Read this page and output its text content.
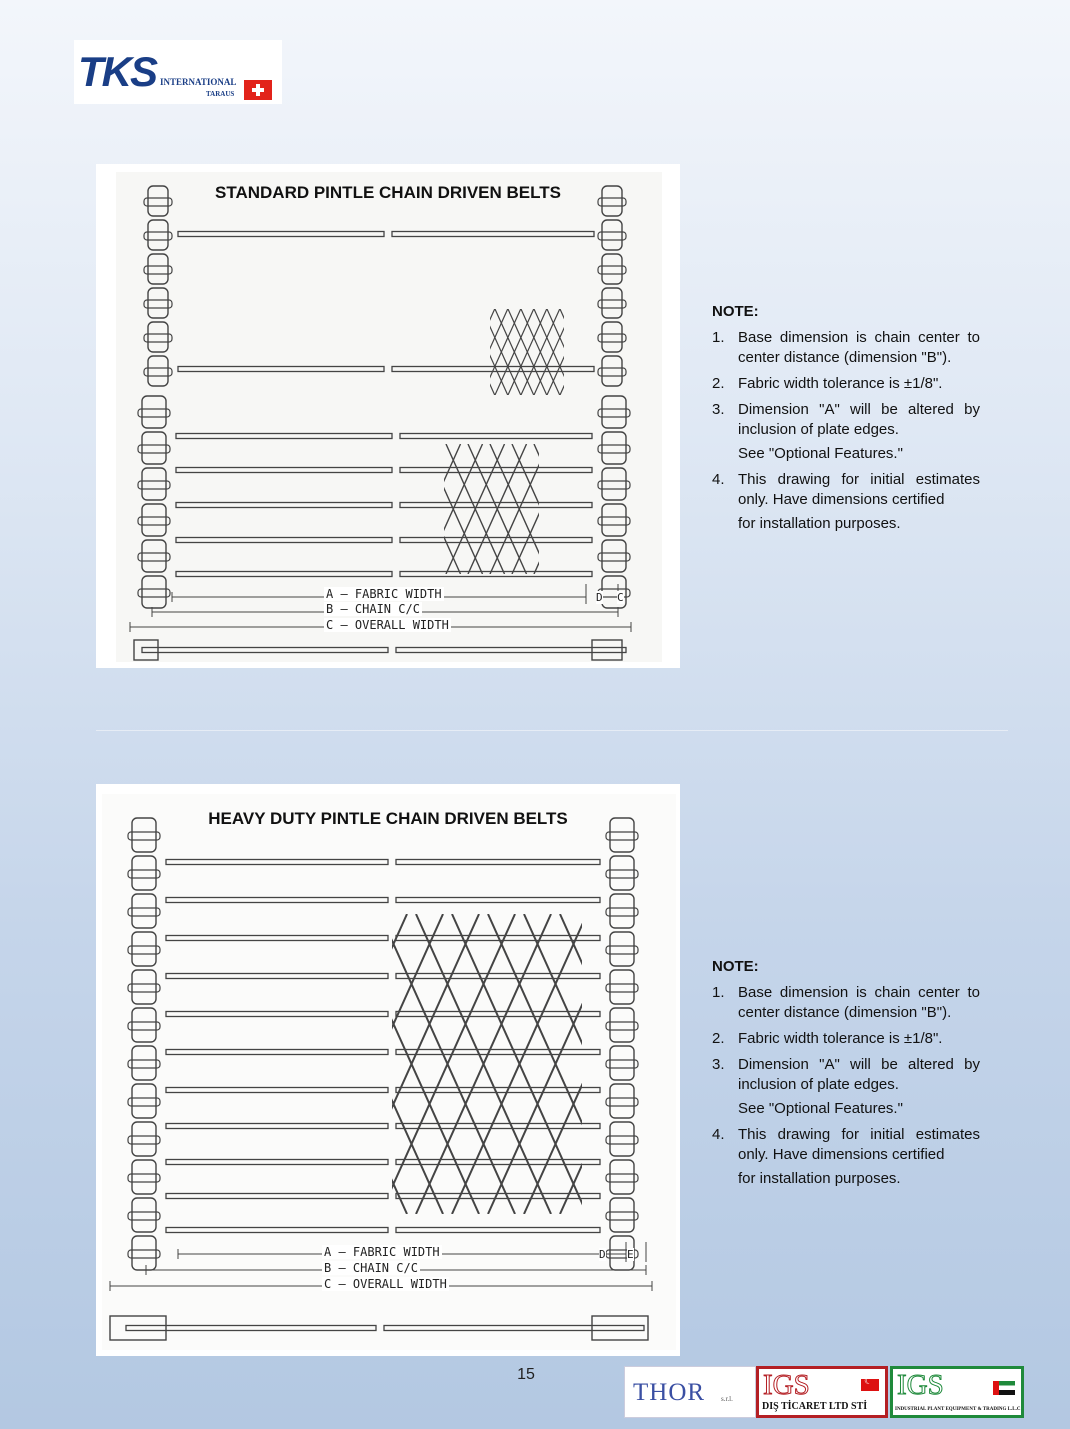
TKS INTERNATIONAL
TARAUS
STANDARD PINTLE CHAIN DRIVEN BELTS
A — FABRIC WIDTH
B — CHAIN C/C
C — OVERALL WIDTH
D C
HEAVY DUTY PINTLE CHAIN DRIVEN BELTS
A — FABRIC WIDTH
B — CHAIN C/C
C — OVERALL WIDTH
D E
NOTE:
1. Base dimension is chain center to center distance (dimension "B").
2. Fabric width tolerance is ±1/8".
3. Dimension "A" will be altered by inclusion of plate edges.
See "Optional Features."
4. This drawing for initial estimates only. Have dimensions certified
for installation purposes.
NOTE:
1. Base dimension is chain center to center distance (dimension "B").
2. Fabric width tolerance is ±1/8".
3. Dimension "A" will be altered by inclusion of plate edges.
See "Optional Features."
4. This drawing for initial estimates only. Have dimensions certified
for installation purposes.
15
THOR s.r.l. IGS
☾
DIŞ TİCARET LTD STİ
IGS
INDUSTRIAL PLANT EQUIPMENT & TRADING L.L.C
